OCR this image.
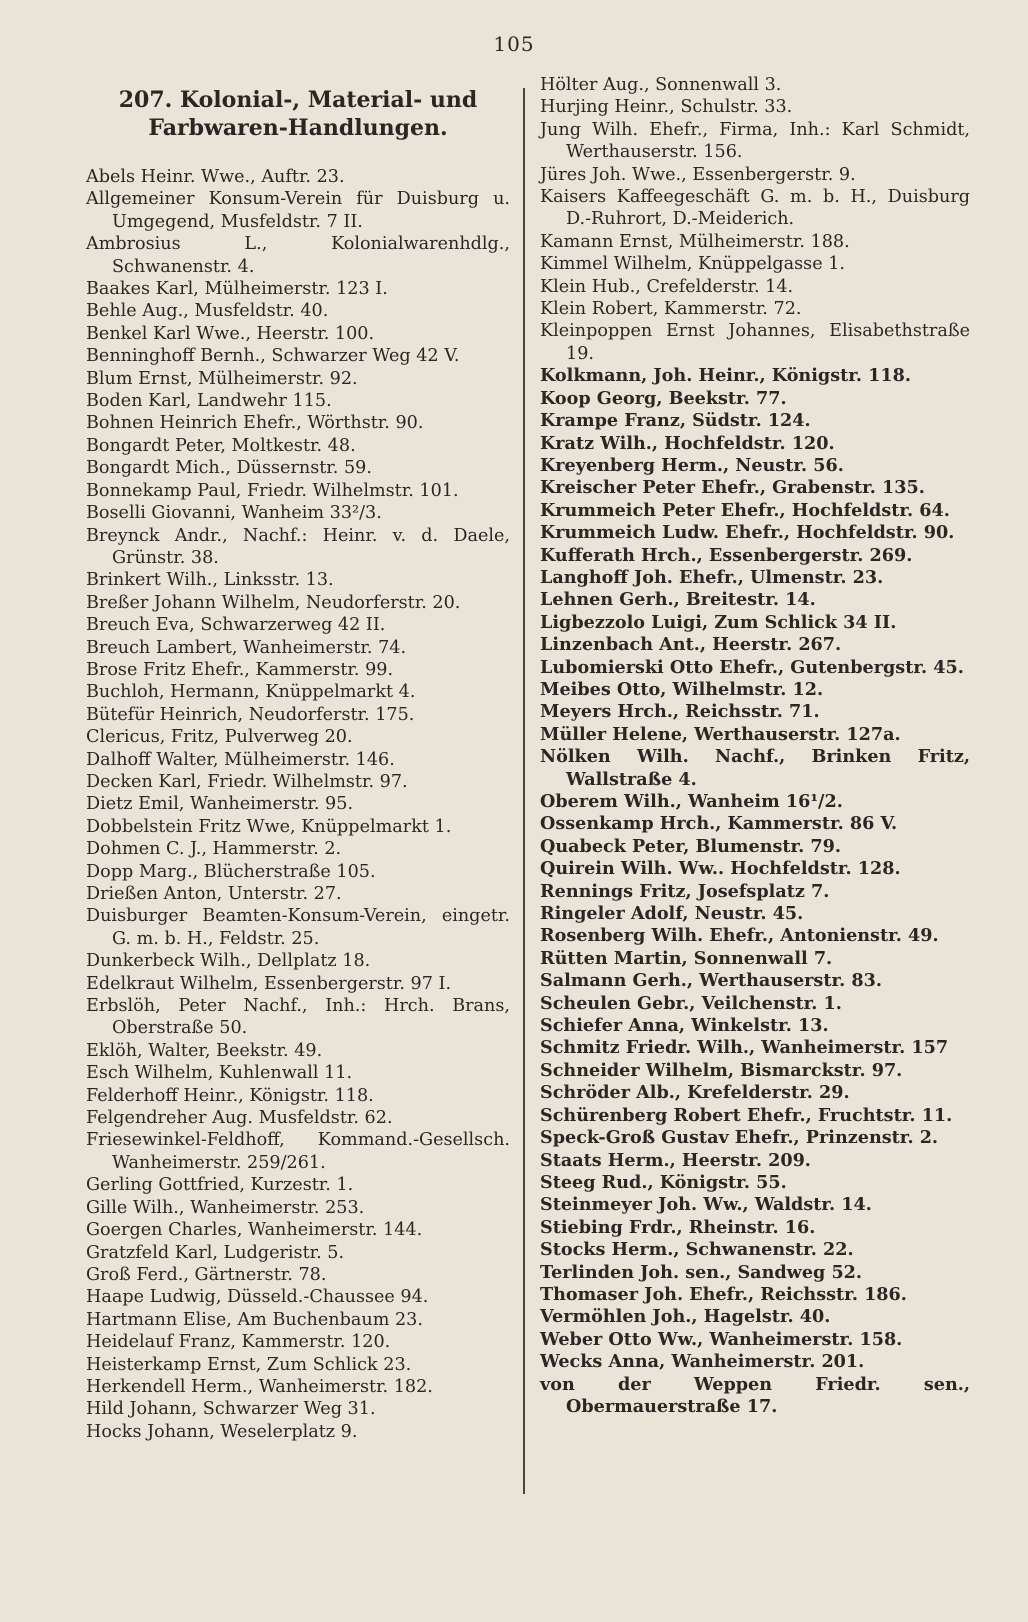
105
207. Kolonial-, Material- und Farbwaren-Handlungen.
Abels Heinr. Wwe., Auftr. 23.
Allgemeiner Konsum-Verein für Duisburg u. Umgegend, Musfeldstr. 7 II.
Ambrosius L., Kolonialwarenhdlg., Schwanenstr. 4.
Baakes Karl, Mülheimerstr. 123 I.
Behle Aug., Musfeldstr. 40.
Benkel Karl Wwe., Heerstr. 100.
Benninghoff Bernh., Schwarzer Weg 42 V.
Blum Ernst, Mülheimerstr. 92.
Boden Karl, Landwehr 115.
Bohnen Heinrich Ehefr., Wörthstr. 90.
Bongardt Peter, Moltkestr. 48.
Bongardt Mich., Düssernstr. 59.
Bonnekamp Paul, Friedr. Wilhelmstr. 101.
Boselli Giovanni, Wanheim 33²/3.
Breynck Andr., Nachf.: Heinr. v. d. Daele, Grünstr. 38.
Brinkert Wilh., Linksstr. 13.
Breßer Johann Wilhelm, Neudorferstr. 20.
Breuch Eva, Schwarzerweg 42 II.
Breuch Lambert, Wanheimerstr. 74.
Brose Fritz Ehefr., Kammerstr. 99.
Buchloh, Hermann, Knüppelmarkt 4.
Bütefür Heinrich, Neudorferstr. 175.
Clericus, Fritz, Pulverweg 20.
Dalhoff Walter, Mülheimerstr. 146.
Decken Karl, Friedr. Wilhelmstr. 97.
Dietz Emil, Wanheimerstr. 95.
Dobbelstein Fritz Wwe, Knüppelmarkt 1.
Dohmen C. J., Hammerstr. 2.
Dopp Marg., Blücherstraße 105.
Drießen Anton, Unterstr. 27.
Duisburger Beamten-Konsum-Verein, eingetr. G. m. b. H., Feldstr. 25.
Dunkerbeck Wilh., Dellplatz 18.
Edelkraut Wilhelm, Essenbergerstr. 97 I.
Erbslöh, Peter Nachf., Inh.: Hrch. Brans, Oberstraße 50.
Eklöh, Walter, Beekstr. 49.
Esch Wilhelm, Kuhlenwall 11.
Felderhoff Heinr., Königstr. 118.
Felgendreher Aug. Musfeldstr. 62.
Friesewinkel-Feldhoff, Kommand.-Gesellsch. Wanheimerstr. 259/261.
Gerling Gottfried, Kurzestr. 1.
Gille Wilh., Wanheimerstr. 253.
Goergen Charles, Wanheimerstr. 144.
Gratzfeld Karl, Ludgeristr. 5.
Groß Ferd., Gärtnerstr. 78.
Haape Ludwig, Düsseld.-Chaussee 94.
Hartmann Elise, Am Buchenbaum 23.
Heidelauf Franz, Kammerstr. 120.
Heisterkamp Ernst, Zum Schlick 23.
Herkendell Herm., Wanheimerstr. 182.
Hild Johann, Schwarzer Weg 31.
Hocks Johann, Weselerplatz 9.
Hölter Aug., Sonnenwall 3.
Hurjing Heinr., Schulstr. 33.
Jung Wilh. Ehefr., Firma, Inh.: Karl Schmidt, Werthauserstr. 156.
Jüres Joh. Wwe., Essenbergerstr. 9.
Kaisers Kaffeegeschäft G. m. b. H., Duisburg D.-Ruhrort, D.-Meiderich.
Kamann Ernst, Mülheimerstr. 188.
Kimmel Wilhelm, Knüppelgasse 1.
Klein Hub., Crefelderstr. 14.
Klein Robert, Kammerstr. 72.
Kleinpoppen Ernst Johannes, Elisabethstraße 19.
Kolkmann, Joh. Heinr., Königstr. 118.
Koop Georg, Beekstr. 77.
Krampe Franz, Südstr. 124.
Kratz Wilh., Hochfeldstr. 120.
Kreyenberg Herm., Neustr. 56.
Kreischer Peter Ehefr., Grabenstr. 135.
Krummeich Peter Ehefr., Hochfeldstr. 64.
Krummeich Ludw. Ehefr., Hochfeldstr. 90.
Kufferath Hrch., Essenbergerstr. 269.
Langhoff Joh. Ehefr., Ulmenstr. 23.
Lehnen Gerh., Breitestr. 14.
Ligbezzolo Luigi, Zum Schlick 34 II.
Linzenbach Ant., Heerstr. 267.
Lubomierski Otto Ehefr., Gutenbergstr. 45.
Meibes Otto, Wilhelmstr. 12.
Meyers Hrch., Reichsstr. 71.
Müller Helene, Werthauserstr. 127a.
Nölken Wilh. Nachf., Brinken Fritz, Wallstraße 4.
Oberem Wilh., Wanheim 16¹/2.
Ossenkamp Hrch., Kammerstr. 86 V.
Quabeck Peter, Blumenstr. 79.
Quirein Wilh. Ww.. Hochfeldstr. 128.
Rennings Fritz, Josefsplatz 7.
Ringeler Adolf, Neustr. 45.
Rosenberg Wilh. Ehefr., Antonienstr. 49.
Rütten Martin, Sonnenwall 7.
Salmann Gerh., Werthauserstr. 83.
Scheulen Gebr., Veilchenstr. 1.
Schiefer Anna, Winkelstr. 13.
Schmitz Friedr. Wilh., Wanheimerstr. 157
Schneider Wilhelm, Bismarckstr. 97.
Schröder Alb., Krefelderstr. 29.
Schürenberg Robert Ehefr., Fruchtstr. 11.
Speck-Groß Gustav Ehefr., Prinzenstr. 2.
Staats Herm., Heerstr. 209.
Steeg Rud., Königstr. 55.
Steinmeyer Joh. Ww., Waldstr. 14.
Stiebing Frdr., Rheinstr. 16.
Stocks Herm., Schwanenstr. 22.
Terlinden Joh. sen., Sandweg 52.
Thomaser Joh. Ehefr., Reichsstr. 186.
Vermöhlen Joh., Hagelstr. 40.
Weber Otto Ww., Wanheimerstr. 158.
Wecks Anna, Wanheimerstr. 201.
von der Weppen Friedr. sen., Obermauerstraße 17.
